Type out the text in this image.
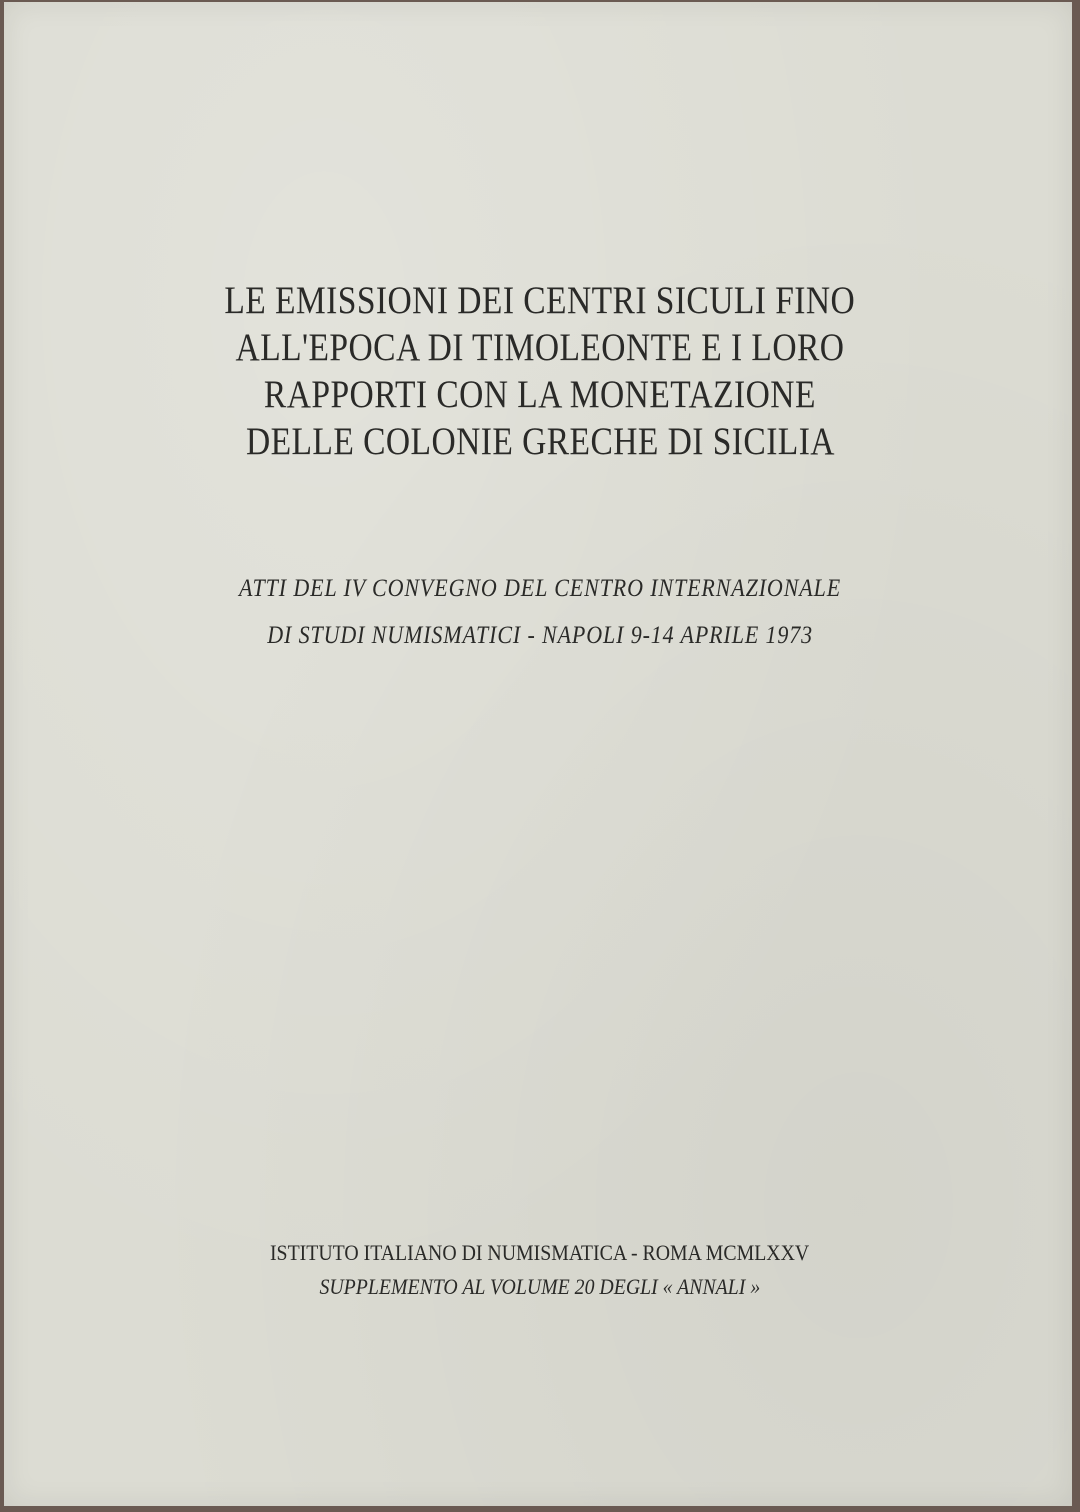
LE EMISSIONI DEI CENTRI SICULI FINO
ALL'EPOCA DI TIMOLEONTE E I LORO
RAPPORTI CON LA MONETAZIONE
DELLE COLONIE GRECHE DI SICILIA
ATTI DEL IV CONVEGNO DEL CENTRO INTERNAZIONALE
DI STUDI NUMISMATICI - NAPOLI 9-14 APRILE 1973
ISTITUTO ITALIANO DI NUMISMATICA - ROMA MCMLXXV
SUPPLEMENTO AL VOLUME 20 DEGLI « ANNALI »
